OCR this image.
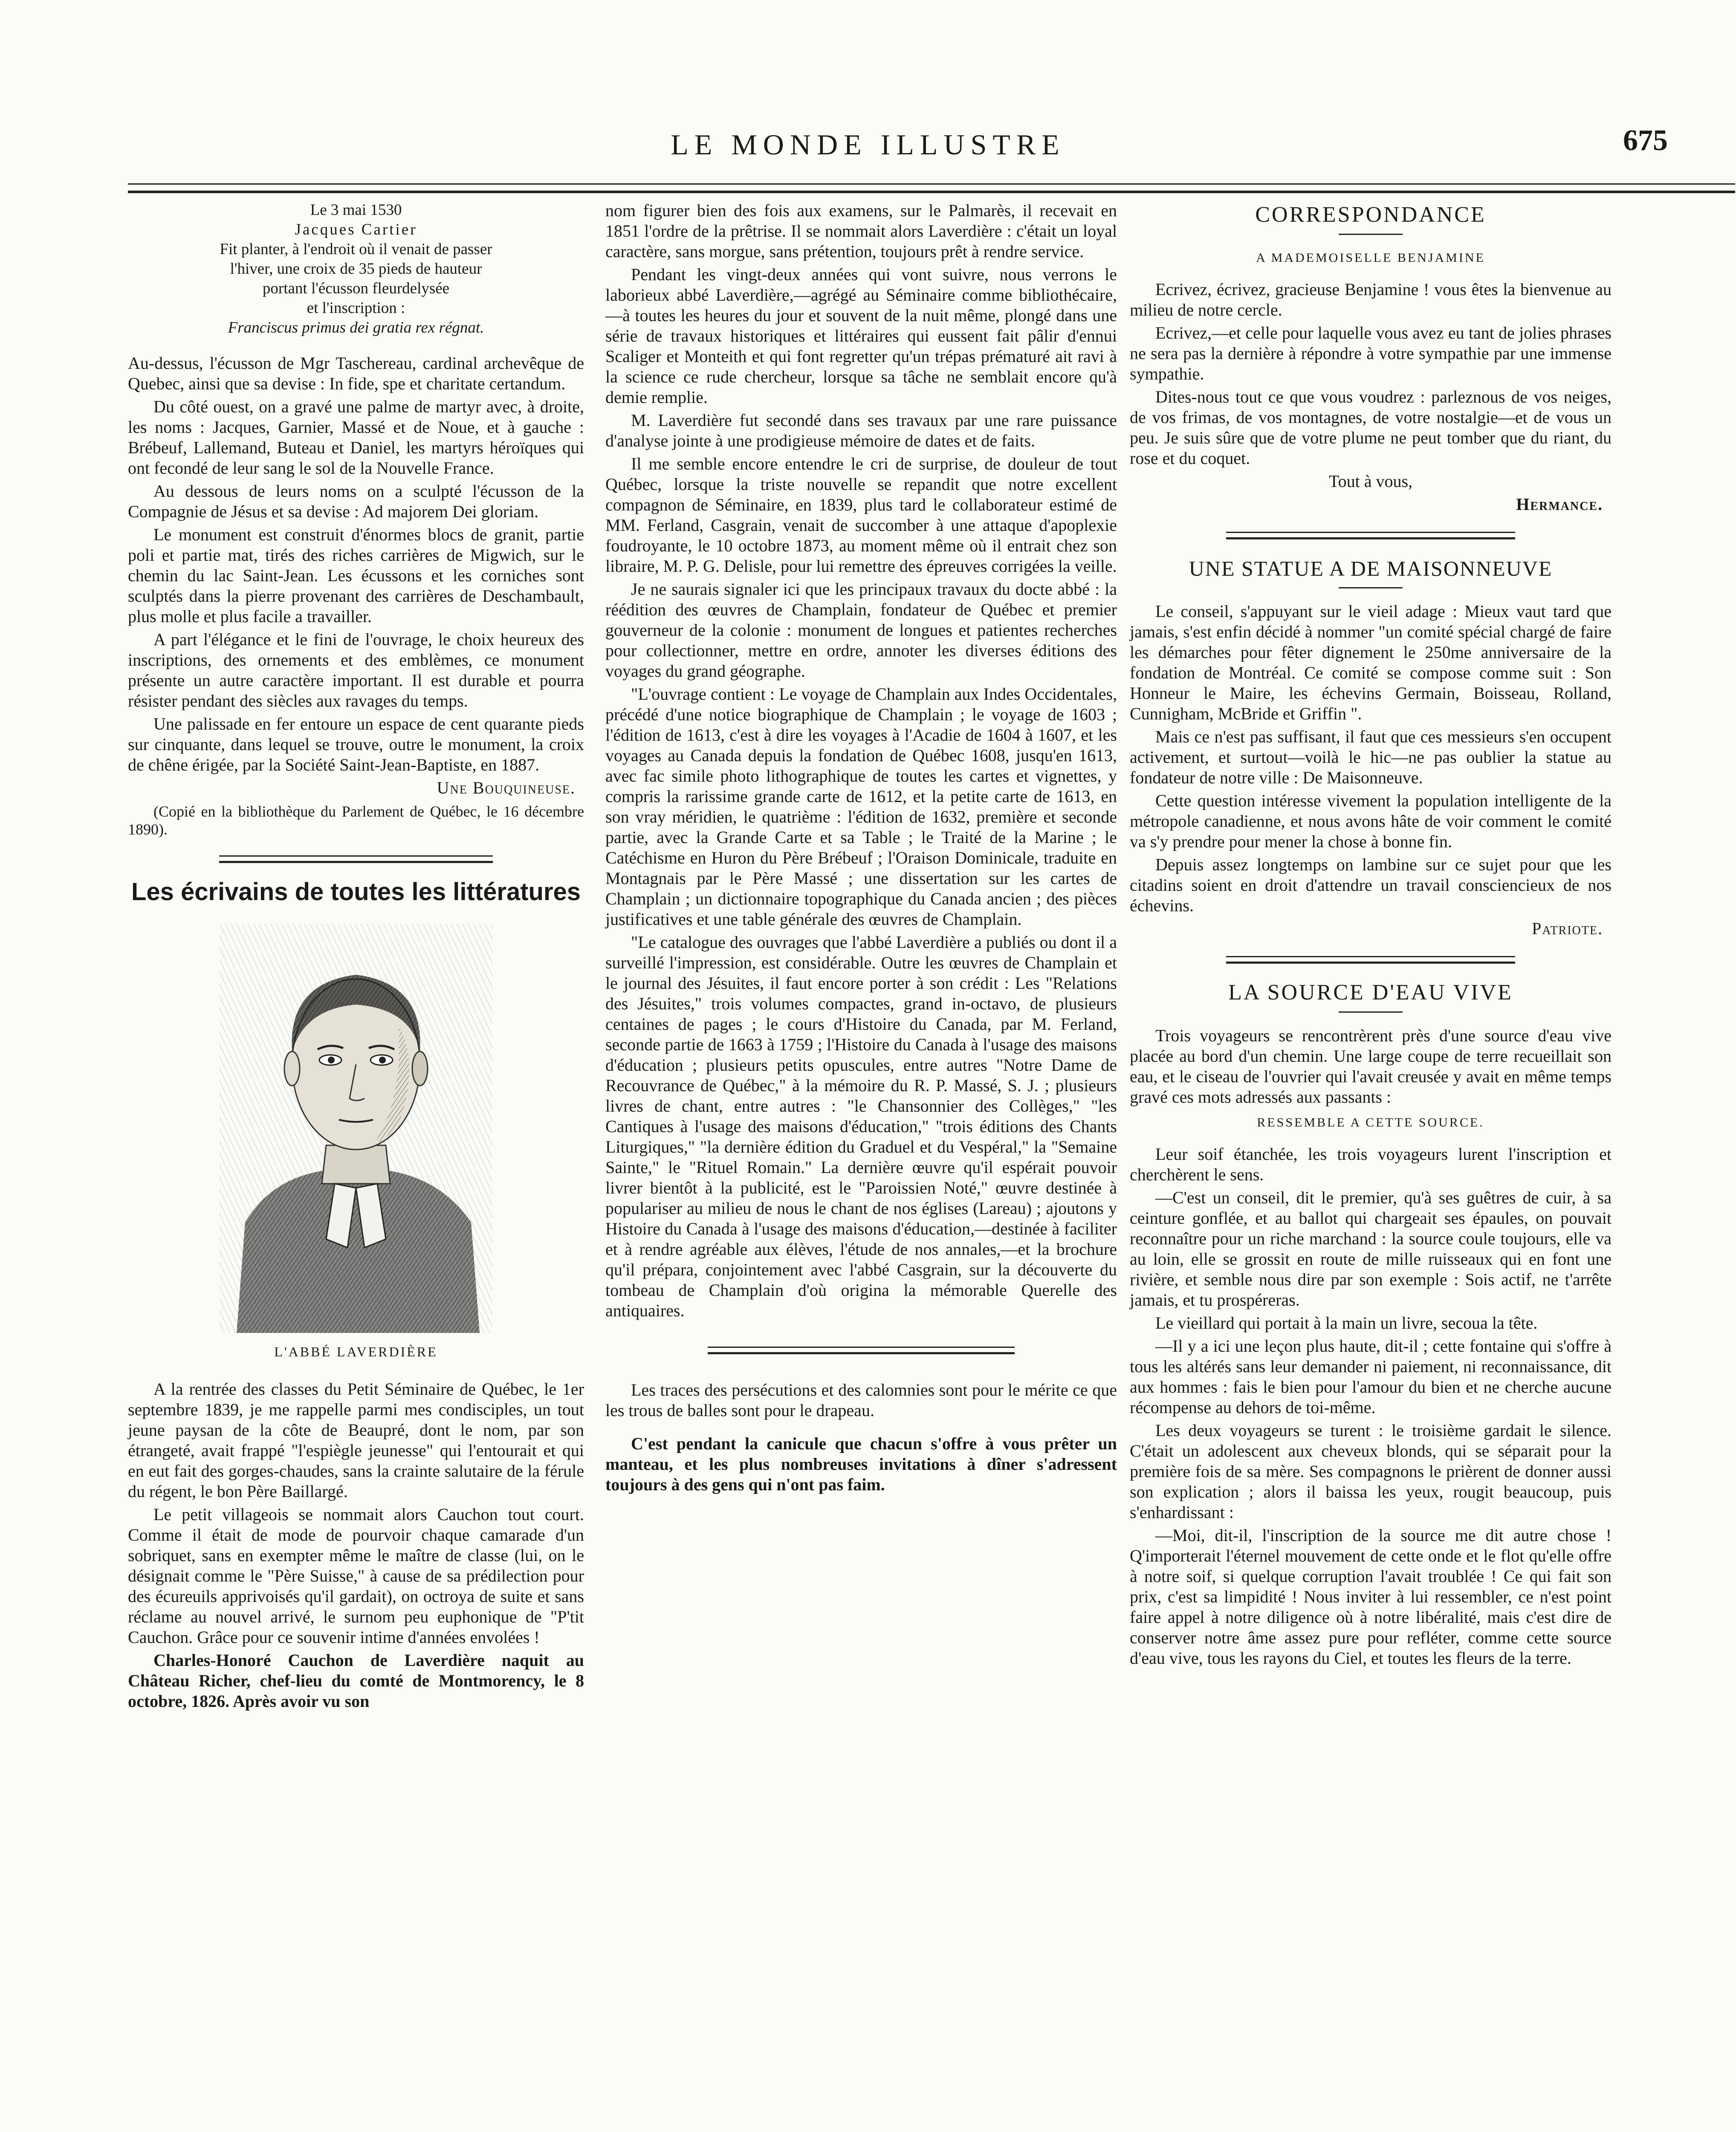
LE MONDE ILLUSTRE	675
Le 3 mai 1530
Jacques Cartier
Fit planter, à l'endroit où il venait de passer
l'hiver, une croix de 35 pieds de hauteur
portant l'écusson fleurdelysée
et l'inscription :
Franciscus primus dei gratia rex régnat.

Au-dessus, l'écusson de Mgr Taschereau, cardinal archevêque de Quebec, ainsi que sa devise : In fide, spe et charitate certandum.

Du côté ouest, on a gravé une palme de martyr avec, à droite, les noms : Jacques, Garnier, Massé et de Noue, et à gauche : Brébeuf, Lallemand, Buteau et Daniel, les martyrs héroïques qui ont fecondé de leur sang le sol de la Nouvelle France.

Au dessous de leurs noms on a sculpté l'écusson de la Compagnie de Jésus et sa devise : Ad majorem Dei gloriam.

Le monument est construit d'énormes blocs de granit, partie poli et partie mat, tirés des riches carrières de Migwich, sur le chemin du lac Saint-Jean. Les écussons et les corniches sont sculptés dans la pierre provenant des carrières de Deschambault, plus molle et plus facile a travailler.

A part l'élégance et le fini de l'ouvrage, le choix heureux des inscriptions, des ornements et des emblèmes, ce monument présente un autre caractère important. Il est durable et pourra résister pendant des siècles aux ravages du temps.

Une palissade en fer entoure un espace de cent quarante pieds sur cinquante, dans lequel se trouve, outre le monument, la croix de chêne érigée, par la Société Saint-Jean-Baptiste, en 1887.

Une Bouquineuse.

(Copié en la bibliothèque du Parlement de Québec, le 16 décembre 1890).

Les écrivains de toutes les littératures
L'ABBÉ LAVERDIÈRE

A la rentrée des classes du Petit Séminaire de Québec, le 1er septembre 1839, je me rappelle parmi mes condisciples, un tout jeune paysan de la côte de Beaupré, dont le nom, par son étrangeté, avait frappé "l'espiègle jeunesse" qui l'entourait et qui en eut fait des gorges-chaudes, sans la crainte salutaire de la férule du régent, le bon Père Baillargé.

Le petit villageois se nommait alors Cauchon tout court. Comme il était de mode de pourvoir chaque camarade d'un sobriquet, sans en exempter même le maître de classe (lui, on le désignait comme le "Père Suisse," à cause de sa prédilection pour des écureuils apprivoisés qu'il gardait), on octroya de suite et sans réclame au nouvel arrivé, le surnom peu euphonique de "P'tit Cauchon. Grâce pour ce souvenir intime d'années envolées !

Charles-Honoré Cauchon de Laverdière naquit au Château Richer, chef-lieu du comté de Montmorency, le 8 octobre, 1826. Après avoir vu son

nom figurer bien des fois aux examens, sur le Palmarès, il recevait en 1851 l'ordre de la prêtrise. Il se nommait alors Laverdière : c'était un loyal caractère, sans morgue, sans prétention, toujours prêt à rendre service.

Pendant les vingt-deux années qui vont suivre, nous verrons le laborieux abbé Laverdière,—agrégé au Séminaire comme bibliothécaire,—à toutes les heures du jour et souvent de la nuit même, plongé dans une série de travaux historiques et littéraires qui eussent fait pâlir d'ennui Scaliger et Monteith et qui font regretter qu'un trépas prématuré ait ravi à la science ce rude chercheur, lorsque sa tâche ne semblait encore qu'à demie remplie.

M. Laverdière fut secondé dans ses travaux par une rare puissance d'analyse jointe à une prodigieuse mémoire de dates et de faits.

Il me semble encore entendre le cri de surprise, de douleur de tout Québec, lorsque la triste nouvelle se repandit que notre excellent compagnon de Séminaire, en 1839, plus tard le collaborateur estimé de MM. Ferland, Casgrain, venait de succomber à une attaque d'apoplexie foudroyante, le 10 octobre 1873, au moment même où il entrait chez son libraire, M. P. G. Delisle, pour lui remettre des épreuves corrigées la veille.

Je ne saurais signaler ici que les principaux travaux du docte abbé : la réédition des œuvres de Champlain, fondateur de Québec et premier gouverneur de la colonie : monument de longues et patientes recherches pour collectionner, mettre en ordre, annoter les diverses éditions des voyages du grand géographe.

"L'ouvrage contient : Le voyage de Champlain aux Indes Occidentales, précédé d'une notice biographique de Champlain ; le voyage de 1603 ; l'édition de 1613, c'est à dire les voyages à l'Acadie de 1604 à 1607, et les voyages au Canada depuis la fondation de Québec 1608, jusqu'en 1613, avec fac simile photo lithographique de toutes les cartes et vignettes, y compris la rarissime grande carte de 1612, et la petite carte de 1613, en son vray méridien, le quatrième : l'édition de 1632, première et seconde partie, avec la Grande Carte et sa Table ; le Traité de la Marine ; le Catéchisme en Huron du Père Brébeuf ; l'Oraison Dominicale, traduite en Montagnais par le Père Massé ; une dissertation sur les cartes de Champlain ; un dictionnaire topographique du Canada ancien ; des pièces justificatives et une table générale des œuvres de Champlain.

"Le catalogue des ouvrages que l'abbé Laverdière a publiés ou dont il a surveillé l'impression, est considérable. Outre les œuvres de Champlain et le journal des Jésuites, il faut encore porter à son crédit : Les "Relations des Jésuites," trois volumes compactes, grand in-octavo, de plusieurs centaines de pages ; le cours d'Histoire du Canada, par M. Ferland, seconde partie de 1663 à 1759 ; l'Histoire du Canada à l'usage des maisons d'éducation ; plusieurs petits opuscules, entre autres "Notre Dame de Recouvrance de Québec," à la mémoire du R. P. Massé, S. J. ; plusieurs livres de chant, entre autres : "le Chansonnier des Collèges," "les Cantiques à l'usage des maisons d'éducation," "trois éditions des Chants Liturgiques," "la dernière édition du Graduel et du Vespéral," la "Semaine Sainte," le "Rituel Romain." La dernière œuvre qu'il espérait pouvoir livrer bientôt à la publicité, est le "Paroissien Noté," œuvre destinée à populariser au milieu de nous le chant de nos églises (Lareau) ; ajoutons y Histoire du Canada à l'usage des maisons d'éducation,—destinée à faciliter et à rendre agréable aux élèves, l'étude de nos annales,—et la brochure qu'il prépara, conjointement avec l'abbé Casgrain, sur la découverte du tombeau de Champlain d'où origina la mémorable Querelle des antiquaires.

Les traces des persécutions et des calomnies sont pour le mérite ce que les trous de balles sont pour le drapeau.

C'est pendant la canicule que chacun s'offre à vous prêter un manteau, et les plus nombreuses invitations à dîner s'adressent toujours à des gens qui n'ont pas faim.

CORRESPONDANCE
A MADEMOISELLE BENJAMINE

Ecrivez, écrivez, gracieuse Benjamine ! vous êtes la bienvenue au milieu de notre cercle.

Ecrivez,—et celle pour laquelle vous avez eu tant de jolies phrases ne sera pas la dernière à répondre à votre sympathie par une immense sympathie.

Dites-nous tout ce que vous voudrez : parleznous de vos neiges, de vos frimas, de vos montagnes, de votre nostalgie—et de vous un peu. Je suis sûre que de votre plume ne peut tomber que du riant, du rose et du coquet.

Tout à vous,

Hermance.
UNE STATUE A DE MAISONNEUVE

Le conseil, s'appuyant sur le vieil adage : Mieux vaut tard que jamais, s'est enfin décidé à nommer "un comité spécial chargé de faire les démarches pour fêter dignement le 250me anniversaire de la fondation de Montréal. Ce comité se compose comme suit : Son Honneur le Maire, les échevins Germain, Boisseau, Rolland, Cunnigham, McBride et Griffin ".

Mais ce n'est pas suffisant, il faut que ces messieurs s'en occupent activement, et surtout—voilà le hic—ne pas oublier la statue au fondateur de notre ville : De Maisonneuve.

Cette question intéresse vivement la population intelligente de la métropole canadienne, et nous avons hâte de voir comment le comité va s'y prendre pour mener la chose à bonne fin.

Depuis assez longtemps on lambine sur ce sujet pour que les citadins soient en droit d'attendre un travail consciencieux de nos échevins.

Patriote.
LA SOURCE D'EAU VIVE

Trois voyageurs se rencontrèrent près d'une source d'eau vive placée au bord d'un chemin. Une large coupe de terre recueillait son eau, et le ciseau de l'ouvrier qui l'avait creusée y avait en même temps gravé ces mots adressés aux passants :

RESSEMBLE A CETTE SOURCE.

Leur soif étanchée, les trois voyageurs lurent l'inscription et cherchèrent le sens.

—C'est un conseil, dit le premier, qu'à ses guêtres de cuir, à sa ceinture gonflée, et au ballot qui chargeait ses épaules, on pouvait reconnaître pour un riche marchand : la source coule toujours, elle va au loin, elle se grossit en route de mille ruisseaux qui en font une rivière, et semble nous dire par son exemple : Sois actif, ne t'arrête jamais, et tu prospéreras.

Le vieillard qui portait à la main un livre, secoua la tête.

—Il y a ici une leçon plus haute, dit-il ; cette fontaine qui s'offre à tous les altérés sans leur demander ni paiement, ni reconnaissance, dit aux hommes : fais le bien pour l'amour du bien et ne cherche aucune récompense au dehors de toi-même.

Les deux voyageurs se turent : le troisième gardait le silence. C'était un adolescent aux cheveux blonds, qui se séparait pour la première fois de sa mère. Ses compagnons le prièrent de donner aussi son explication ; alors il baissa les yeux, rougit beaucoup, puis s'enhardissant :

—Moi, dit-il, l'inscription de la source me dit autre chose ! Q'importerait l'éternel mouvement de cette onde et le flot qu'elle offre à notre soif, si quelque corruption l'avait troublée ! Ce qui fait son prix, c'est sa limpidité ! Nous inviter à lui ressembler, ce n'est point faire appel à notre diligence où à notre libéralité, mais c'est dire de conserver notre âme assez pure pour refléter, comme cette source d'eau vive, tous les rayons du Ciel, et toutes les fleurs de la terre.
